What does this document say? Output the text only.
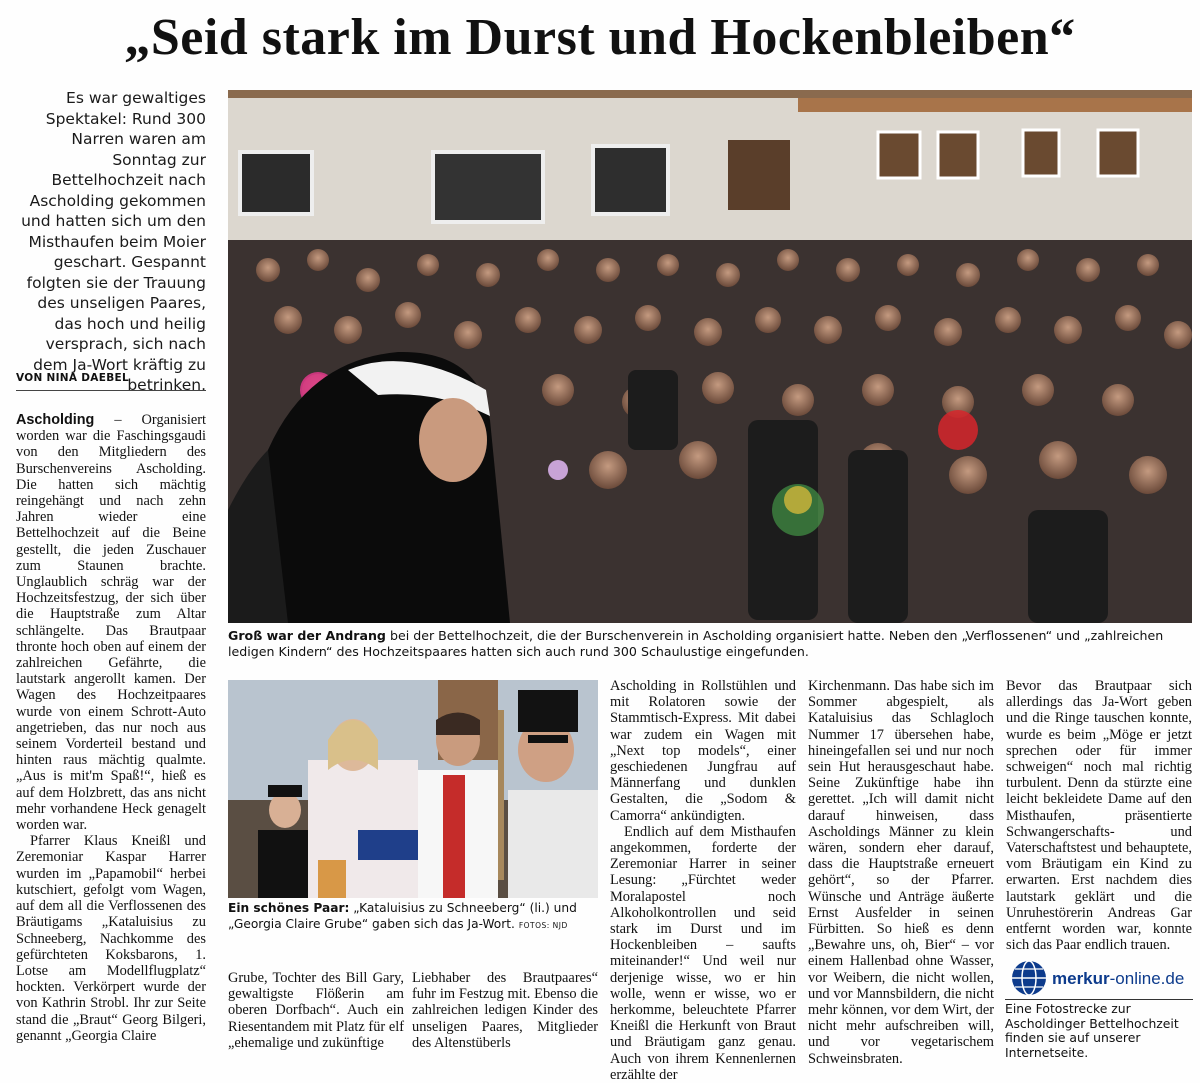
„Seid stark im Durst und Hockenbleiben“
Es war gewaltiges Spektakel: Rund 300 Narren waren am Sonntag zur Bettelhochzeit nach Ascholding gekommen und hatten sich um den Misthaufen beim Moier geschart. Gespannt folgten sie der Trauung des unseligen Paares, das hoch und heilig versprach, sich nach dem Ja-Wort kräftig zu betrinken.
VON NINA DAEBEL
Groß war der Andrang bei der Bettelhochzeit, die der Burschenverein in Ascholding organisiert hatte. Neben den „Verflossenen“ und „zahlreichen ledigen Kindern“ des Hochzeitspaares hatten sich auch rund 300 Schaulustige eingefunden.
Ein schönes Paar: „Kataluisius zu Schneeberg“ (li.) und „Georgia Claire Grube“ gaben sich das Ja-Wort. FOTOS: NJD

Ascholding – Organisiert worden war die Faschingsgaudi von den Mitgliedern des Burschenvereins Ascholding. Die hatten sich mächtig reingehängt und nach zehn Jahren wieder eine Bettelhochzeit auf die Beine gestellt, die jeden Zuschauer zum Staunen brachte. Unglaublich schräg war der Hochzeitsfestzug, der sich über die Hauptstraße zum Altar schlängelte. Das Brautpaar thronte hoch oben auf einem der zahlreichen Gefährte, die lautstark angerollt kamen. Der Wagen des Hochzeitpaares wurde von einem Schrott-Auto angetrieben, das nur noch aus seinem Vorderteil bestand und hinten raus mächtig qualmte. „Aus is mit'm Spaß!“, hieß es auf dem Holzbrett, das ans nicht mehr vorhandene Heck genagelt worden war.

Pfarrer Klaus Kneißl und Zeremoniar Kaspar Harrer wurden im „Papamobil“ herbei kutschiert, gefolgt vom Wagen, auf dem all die Verflossenen des Bräutigams „Kataluisius zu Schneeberg, Nachkomme des gefürchteten Koksbarons, 1. Lotse am Modellflugplatz“ hockten. Verkörpert wurde der von Kathrin Strobl. Ihr zur Seite stand die „Braut“ Georg Bilgeri, genannt „Georgia Claire

Grube, Tochter des Bill Gary, gewaltigste Flößerin am oberen Dorfbach“. Auch ein Riesentandem mit Platz für elf „ehemalige und zukünftige

Liebhaber des Brautpaares“ fuhr im Festzug mit. Ebenso die zahlreichen ledigen Kinder des unseligen Paares, Mitglieder des Altenstüberls

Ascholding in Rollstühlen und mit Rolatoren sowie der Stammtisch-Express. Mit dabei war zudem ein Wagen mit „Next top models“, einer geschiedenen Jungfrau auf Männerfang und dunklen Gestalten, die „Sodom & Camorra“ ankündigten.

Endlich auf dem Misthaufen angekommen, forderte der Zeremoniar Harrer in seiner Lesung: „Fürchtet weder Moralapostel noch Alkoholkontrollen und seid stark im Durst und im Hockenbleiben – saufts miteinander!“ Und weil nur derjenige wisse, wo er hin wolle, wenn er wisse, wo er herkomme, beleuchtete Pfarrer Kneißl die Herkunft von Braut und Bräutigam ganz genau. Auch von ihrem Kennenlernen erzählte der

Kirchenmann. Das habe sich im Sommer abgespielt, als Kataluisius das Schlagloch Nummer 17 übersehen habe, hineingefallen sei und nur noch sein Hut herausgeschaut habe. Seine Zukünftige habe ihn gerettet. „Ich will damit nicht darauf hinweisen, dass Ascholdings Männer zu klein wären, sondern eher darauf, dass die Hauptstraße erneuert gehört“, so der Pfarrer. Wünsche und Anträge äußerte Ernst Ausfelder in seinen Fürbitten. So hieß es denn „Bewahre uns, oh, Bier“ – vor einem Hallenbad ohne Wasser, vor Weibern, die nicht wollen, und vor Mannsbildern, die nicht mehr können, vor dem Wirt, der nicht mehr aufschreiben will, und vor vegetarischem Schweinsbraten.

Bevor das Brautpaar sich allerdings das Ja-Wort geben und die Ringe tauschen konnte, wurde es beim „Möge er jetzt sprechen oder für immer schweigen“ noch mal richtig turbulent. Denn da stürzte eine leicht bekleidete Dame auf den Misthaufen, präsentierte Schwangerschafts- und Vaterschaftstest und behauptete, vom Bräutigam ein Kind zu erwarten. Erst nachdem dies lautstark geklärt und die Unruhestörerin Andreas Gar entfernt worden war, konnte sich das Paar endlich trauen.

merkur-online.de
Eine Fotostrecke zur Ascholdinger Bettelhochzeit finden sie auf unserer Internetseite.
